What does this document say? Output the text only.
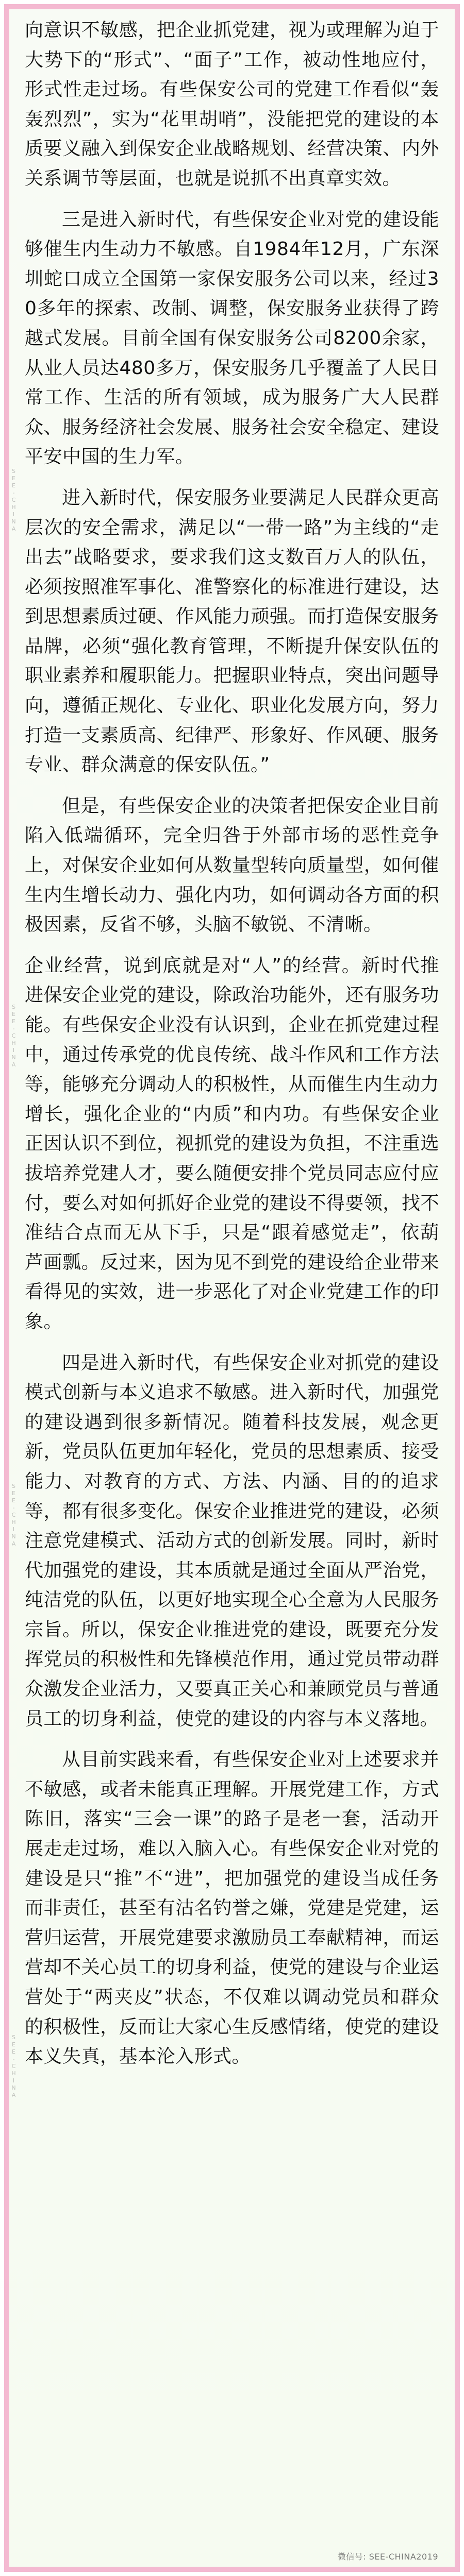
向意识不敏感，把企业抓党建，视为或理解为迫于大势下的“形式”、“面子”工作，被动性地应付，形式性走过场。有些保安公司的党建工作看似“轰轰烈烈”，实为“花里胡哨”，没能把党的建设的本质要义融入到保安企业战略规划、经营决策、内外关系调节等层面，也就是说抓不出真章实效。

三是进入新时代，有些保安企业对党的建设能够催生内生动力不敏感。自1984年12月，广东深圳蛇口成立全国第一家保安服务公司以来，经过30多年的探索、改制、调整，保安服务业获得了跨越式发展。目前全国有保安服务公司8200余家，从业人员达480多万，保安服务几乎覆盖了人民日常工作、生活的所有领域，成为服务广大人民群众、服务经济社会发展、服务社会安全稳定、建设平安中国的生力军。

进入新时代，保安服务业要满足人民群众更高层次的安全需求，满足以“一带一路”为主线的“走出去”战略要求，要求我们这支数百万人的队伍，必须按照准军事化、准警察化的标准进行建设，达到思想素质过硬、作风能力顽强。而打造保安服务品牌，必须“强化教育管理，不断提升保安队伍的职业素养和履职能力。把握职业特点，突出问题导向，遵循正规化、专业化、职业化发展方向，努力打造一支素质高、纪律严、形象好、作风硬、服务专业、群众满意的保安队伍。”

但是，有些保安企业的决策者把保安企业目前陷入低端循环，完全归咎于外部市场的恶性竞争上，对保安企业如何从数量型转向质量型，如何催生内生增长动力、强化内功，如何调动各方面的积极因素，反省不够，头脑不敏锐、不清晰。

企业经营，说到底就是对“人”的经营。新时代推进保安企业党的建设，除政治功能外，还有服务功能。有些保安企业没有认识到，企业在抓党建过程中，通过传承党的优良传统、战斗作风和工作方法等，能够充分调动人的积极性，从而催生内生动力增长，强化企业的“内质”和内功。有些保安企业正因认识不到位，视抓党的建设为负担，不注重选拔培养党建人才，要么随便安排个党员同志应付应付，要么对如何抓好企业党的建设不得要领，找不准结合点而无从下手，只是“跟着感觉走”，依葫芦画瓢。反过来，因为见不到党的建设给企业带来看得见的实效，进一步恶化了对企业党建工作的印象。

四是进入新时代，有些保安企业对抓党的建设模式创新与本义追求不敏感。进入新时代，加强党的建设遇到很多新情况。随着科技发展，观念更新，党员队伍更加年轻化，党员的思想素质、接受能力、对教育的方式、方法、内涵、目的的追求等，都有很多变化。保安企业推进党的建设，必须注意党建模式、活动方式的创新发展。同时，新时代加强党的建设，其本质就是通过全面从严治党，纯洁党的队伍，以更好地实现全心全意为人民服务宗旨。所以，保安企业推进党的建设，既要充分发挥党员的积极性和先锋模范作用，通过党员带动群众激发企业活力，又要真正关心和兼顾党员与普通员工的切身利益，使党的建设的内容与本义落地。

从目前实践来看，有些保安企业对上述要求并不敏感，或者未能真正理解。开展党建工作，方式陈旧，落实“三会一课”的路子是老一套，活动开展走走过场，难以入脑入心。有些保安企业对党的建设是只“推”不“进”，把加强党的建设当成任务而非责任，甚至有沽名钓誉之嫌，党建是党建，运营归运营，开展党建要求激励员工奉献精神，而运营却不关心员工的切身利益，使党的建设与企业运营处于“两夹皮”状态，不仅难以调动党员和群众的积极性，反而让大家心生反感情绪，使党的建设本义失真，基本沦入形式。

SEE-CHINA
SEE-CHINA
SEE-CHINA
SEE-CHINA
微信号: SEE-CHINA2019
